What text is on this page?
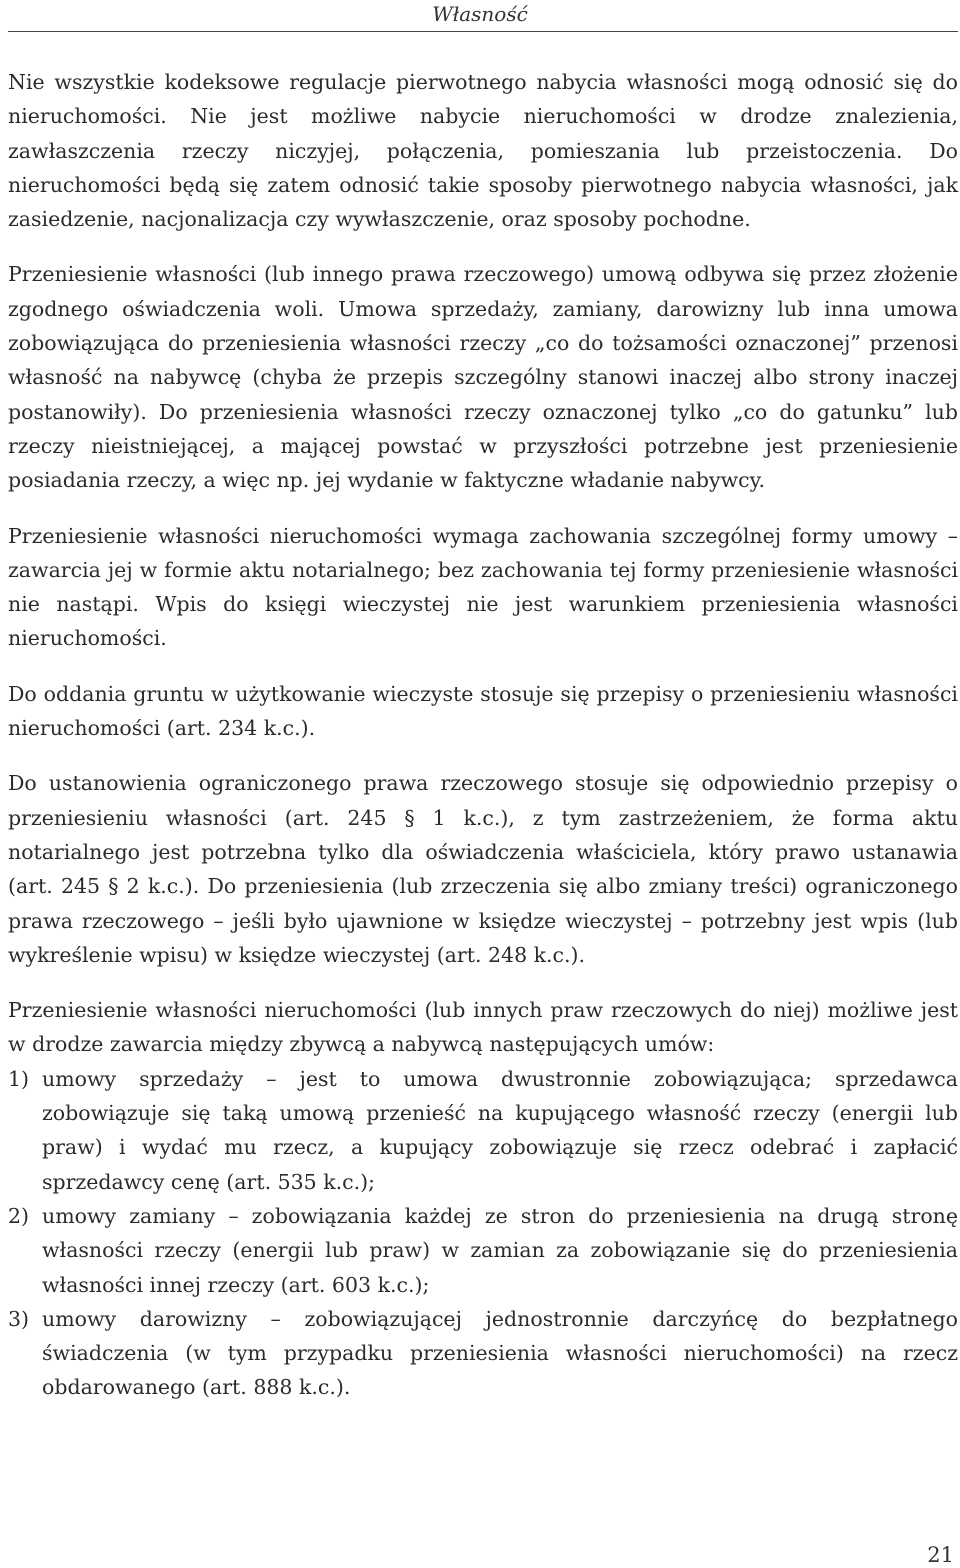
Własność

Nie wszystkie kodeksowe regulacje pierwotnego nabycia własności mogą odnosić się do nieruchomości. Nie jest możliwe nabycie nieruchomości w drodze znalezienia, zawłaszczenia rzeczy niczyjej, połączenia, pomieszania lub przeistoczenia. Do nieruchomości będą się zatem odnosić takie sposoby pierwotnego nabycia własności, jak zasiedzenie, nacjonalizacja czy wywłaszczenie, oraz sposoby pochodne.

Przeniesienie własności (lub innego prawa rzeczowego) umową odbywa się przez złożenie zgodnego oświadczenia woli. Umowa sprzedaży, zamiany, darowizny lub inna umowa zobowiązująca do przeniesienia własności rzeczy „co do tożsamości oznaczonej” przenosi własność na nabywcę (chyba że przepis szczególny stanowi inaczej albo strony inaczej postanowiły). Do przeniesienia własności rzeczy oznaczonej tylko „co do gatunku” lub rzeczy nieistniejącej, a mającej powstać w przyszłości potrzebne jest przeniesienie posiadania rzeczy, a więc np. jej wydanie w faktyczne władanie nabywcy.

Przeniesienie własności nieruchomości wymaga zachowania szczególnej formy umowy – zawarcia jej w formie aktu notarialnego; bez zachowania tej formy przeniesienie własności nie nastąpi. Wpis do księgi wieczystej nie jest warunkiem przeniesienia własności nieruchomości.

Do oddania gruntu w użytkowanie wieczyste stosuje się przepisy o przeniesieniu własności nieruchomości (art. 234 k.c.).

Do ustanowienia ograniczonego prawa rzeczowego stosuje się odpowiednio przepisy o przeniesieniu własności (art. 245 § 1 k.c.), z tym zastrzeżeniem, że forma aktu notarialnego jest potrzebna tylko dla oświadczenia właściciela, który prawo ustanawia (art. 245 § 2 k.c.). Do przeniesienia (lub zrzeczenia się albo zmiany treści) ograniczonego prawa rzeczowego – jeśli było ujawnione w księdze wieczystej – potrzebny jest wpis (lub wykreślenie wpisu) w księdze wieczystej (art. 248 k.c.).

Przeniesienie własności nieruchomości (lub innych praw rzeczowych do niej) możliwe jest w drodze zawarcia między zbywcą a nabywcą następujących umów:

1) umowy sprzedaży – jest to umowa dwustronnie zobowiązująca; sprzedawca zobowiązuje się taką umową przenieść na kupującego własność rzeczy (energii lub praw) i wydać mu rzecz, a kupujący zobowiązuje się rzecz odebrać i zapłacić sprzedawcy cenę (art. 535 k.c.);
2) umowy zamiany – zobowiązania każdej ze stron do przeniesienia na drugą stronę własności rzeczy (energii lub praw) w zamian za zobowiązanie się do przeniesienia własności innej rzeczy (art. 603 k.c.);
3) umowy darowizny – zobowiązującej jednostronnie darczyńcę do bezpłatnego świadczenia (w tym przypadku przeniesienia własności nieruchomości) na rzecz obdarowanego (art. 888 k.c.).
21
